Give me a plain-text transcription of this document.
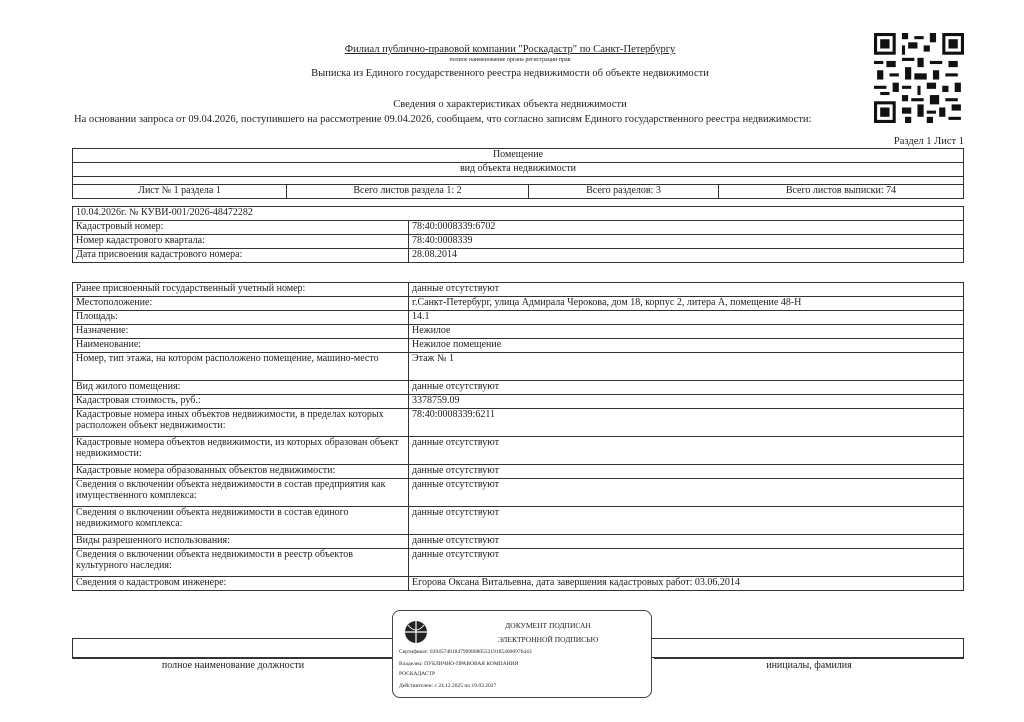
Филиал публично-правовой компании "Роскадастр" по Санкт-Петербургу
полное наименование органа регистрации прав
Выписка из Единого государственного реестра недвижимости об объекте недвижимости
Сведения о характеристиках объекта недвижимости
На основании запроса от 09.04.2026, поступившего на рассмотрение 09.04.2026, сообщаем, что согласно записям Единого государственного реестра недвижимости:
Раздел 1 Лист 1
Помещение
вид объекта недвижимости

Лист № 1 раздела 1	Всего листов раздела 1: 2	Всего разделов: 3	Всего листов выписки: 74
10.04.2026г. № КУВИ-001/2026-48472282	
Кадастровый номер:	78:40:0008339:6702
Номер кадастрового квартала:	78:40:0008339
Дата присвоения кадастрового номера:	28.08.2014
Ранее присвоенный государственный учетный номер:	данные отсутствуют
Местоположение:	г.Санкт-Петербург, улица Адмирала Черокова, дом 18, корпус 2, литера А, помещение 48-Н
Площадь:	14.1
Назначение:	Нежилое
Наименование:	Нежилое помещение
Номер, тип этажа, на котором расположено помещение, машино-место	Этаж № 1
Вид жилого помещения:	данные отсутствуют
Кадастровая стоимость, руб.:	3378759.09
Кадастровые номера иных объектов недвижимости, в пределах которых расположен объект недвижимости:	78:40:0008339:6211
Кадастровые номера объектов недвижимости, из которых образован объект недвижимости:	данные отсутствуют
Кадастровые номера образованных объектов недвижимости:	данные отсутствуют
Сведения о включении объекта недвижимости в состав предприятия как имущественного комплекса:	данные отсутствуют
Сведения о включении объекта недвижимости в состав единого недвижимого комплекса:	данные отсутствуют
Виды разрешенного использования:	данные отсутствуют
Сведения о включении объекта недвижимости в реестр объектов культурного наследия:	данные отсутствуют
Сведения о кадастровом инженере:	Егорова Оксана Витальевна, дата завершения кадастровых работ: 03.06.2014
полное наименование должности	инициалы, фамилия
ДОКУМЕНТ ПОДПИСАН
ЭЛЕКТРОННОЙ ПОДПИСЬЮ
Сертификат: 0394574818479998080553191854006976443
Владелец: ПУБЛИЧНО-ПРАВОВАЯ КОМПАНИЯ
РОСКАДАСТР
Действителен: с 24.12.2025 по 19.03.2027
